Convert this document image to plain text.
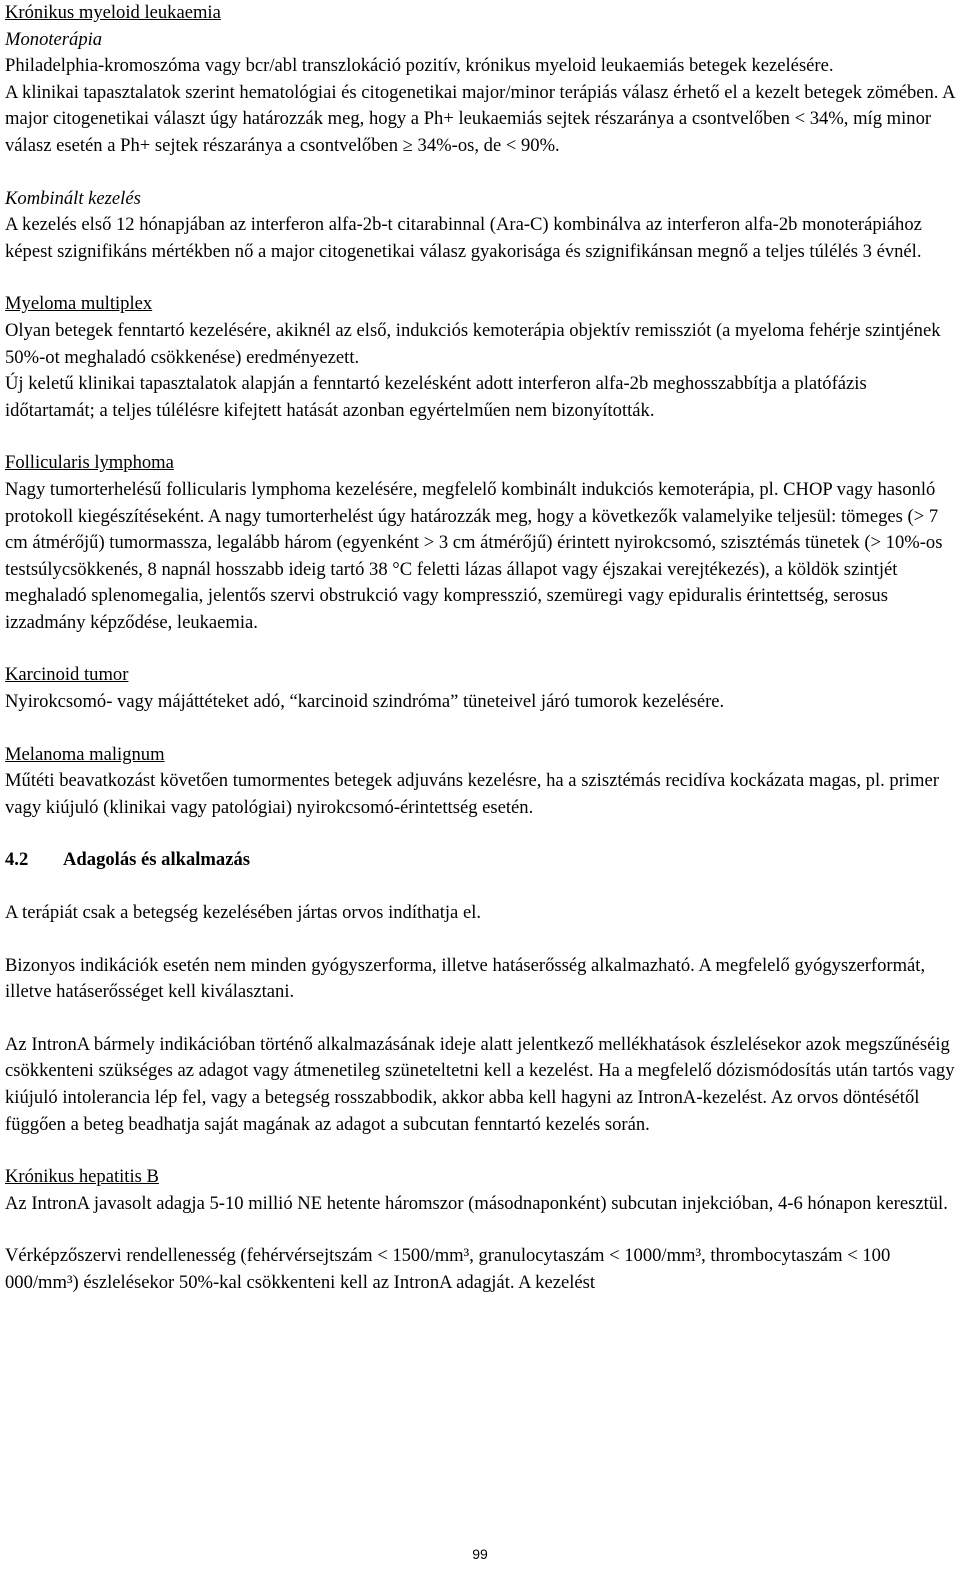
Krónikus myeloid leukaemia

Monoterápia

Philadelphia-kromoszóma vagy bcr/abl transzlokáció pozitív, krónikus myeloid leukaemiás betegek kezelésére.

A klinikai tapasztalatok szerint hematológiai és citogenetikai major/minor terápiás válasz érhető el a kezelt betegek zömében. A major citogenetikai választ úgy határozzák meg, hogy a Ph+ leukaemiás sejtek részaránya a csontvelőben < 34%, míg minor válasz esetén a Ph+ sejtek részaránya a csontvelőben ≥ 34%-os, de < 90%.

Kombinált kezelés

A kezelés első 12 hónapjában az interferon alfa-2b-t citarabinnal (Ara-C) kombinálva az interferon alfa-2b monoterápiához képest szignifikáns mértékben nő a major citogenetikai válasz gyakorisága és szignifikánsan megnő a teljes túlélés 3 évnél.

Myeloma multiplex

Olyan betegek fenntartó kezelésére, akiknél az első, indukciós kemoterápia objektív remissziót (a myeloma fehérje szintjének 50%-ot meghaladó csökkenése) eredményezett.

Új keletű klinikai tapasztalatok alapján a fenntartó kezelésként adott interferon alfa-2b meghosszabbítja a platófázis időtartamát; a teljes túlélésre kifejtett hatását azonban egyértelműen nem bizonyították.

Follicularis lymphoma

Nagy tumorterhelésű follicularis lymphoma kezelésére, megfelelő kombinált indukciós kemoterápia, pl. CHOP vagy hasonló protokoll kiegészítéseként. A nagy tumorterhelést úgy határozzák meg, hogy a következők valamelyike teljesül: tömeges (> 7 cm átmérőjű) tumormassza, legalább három (egyenként > 3 cm átmérőjű) érintett nyirokcsomó, szisztémás tünetek (> 10%-os testsúlycsökkenés, 8 napnál hosszabb ideig tartó 38 °C feletti lázas állapot vagy éjszakai verejtékezés), a köldök szintjét meghaladó splenomegalia, jelentős szervi obstrukció vagy kompresszió, szemüregi vagy epiduralis érintettség, serosus izzadmány képződése, leukaemia.

Karcinoid tumor

Nyirokcsomó- vagy májáttéteket adó, “karcinoid szindróma” tüneteivel járó tumorok kezelésére.

Melanoma malignum

Műtéti beavatkozást követően tumormentes betegek adjuváns kezelésre, ha a szisztémás recidíva kockázata magas, pl. primer vagy kiújuló (klinikai vagy patológiai) nyirokcsomó-érintettség esetén.

4.2 Adagolás és alkalmazás

A terápiát csak a betegség kezelésében jártas orvos indíthatja el.

Bizonyos indikációk esetén nem minden gyógyszerforma, illetve hatáserősség alkalmazható. A megfelelő gyógyszerformát, illetve hatáserősséget kell kiválasztani.

Az IntronA bármely indikációban történő alkalmazásának ideje alatt jelentkező mellékhatások észlelésekor azok megszűnéséig csökkenteni szükséges az adagot vagy átmenetileg szüneteltetni kell a kezelést. Ha a megfelelő dózismódosítás után tartós vagy kiújuló intolerancia lép fel, vagy a betegség rosszabbodik, akkor abba kell hagyni az IntronA-kezelést. Az orvos döntésétől függően a beteg beadhatja saját magának az adagot a subcutan fenntartó kezelés során.

Krónikus hepatitis B

Az IntronA javasolt adagja 5-10 millió NE hetente háromszor (másodnaponként) subcutan injekcióban, 4-6 hónapon keresztül.

Vérképzőszervi rendellenesség (fehérvérsejtszám < 1500/mm³, granulocytaszám < 1000/mm³, thrombocytaszám < 100 000/mm³) észlelésekor 50%-kal csökkenteni kell az IntronA adagját. A kezelést

99
